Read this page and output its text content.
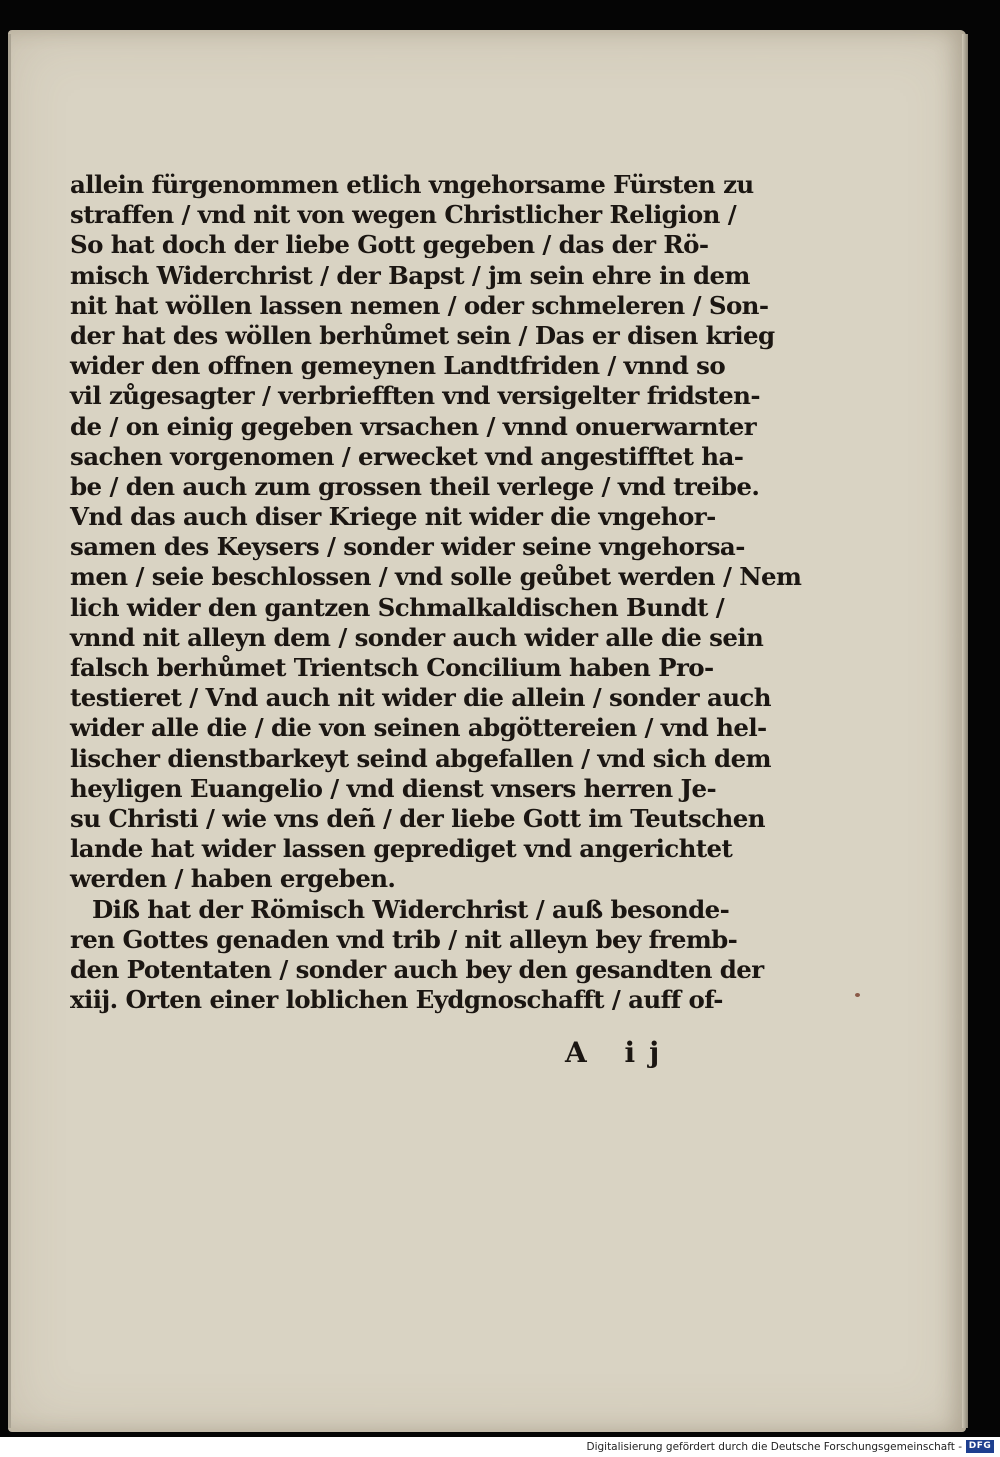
allein fürgenommen etlich vngehorsame Fürsten zu
straffen / vnd nit von wegen Christlicher Religion /
So hat doch der liebe Gott gegeben / das der Rö-
misch Widerchrist / der Bapst / jm sein ehre in dem
nit hat wöllen lassen nemen / oder schmeleren / Son-
der hat des wöllen berhůmet sein / Das er disen krieg
wider den offnen gemeynen Landtfriden / vnnd so
vil zůgesagter / verbriefften vnd versigelter fridsten-
de / on einig gegeben vrsachen / vnnd onuerwarnter
sachen vorgenomen / erwecket vnd angestifftet ha-
be / den auch zum grossen theil verlege / vnd treibe.
Vnd das auch diser Kriege nit wider die vngehor-
samen des Keysers / sonder wider seine vngehorsa-
men / seie beschlossen / vnd solle geůbet werden / Nem
lich wider den gantzen Schmalkaldischen Bundt /
vnnd nit alleyn dem / sonder auch wider alle die sein
falsch berhůmet Trientsch Concilium haben Pro-
testieret / Vnd auch nit wider die allein / sonder auch
wider alle die / die von seinen abgöttereien / vnd hel-
lischer dienstbarkeyt seind abgefallen / vnd sich dem
heyligen Euangelio / vnd dienst vnsers herren Je-
su Christi / wie vns deñ / der liebe Gott im Teutschen
lande hat wider lassen geprediget vnd angerichtet
werden / haben ergeben.
Diß hat der Römisch Widerchrist / auß besonde-
ren Gottes genaden vnd trib / nit alleyn bey fremb-
den Potentaten / sonder auch bey den gesandten der
xiij. Orten einer loblichen Eydgnoschafft / auff of-
A ij
Digitalisierung gefördert durch die Deutsche Forschungsgemeinschaft - DFG
